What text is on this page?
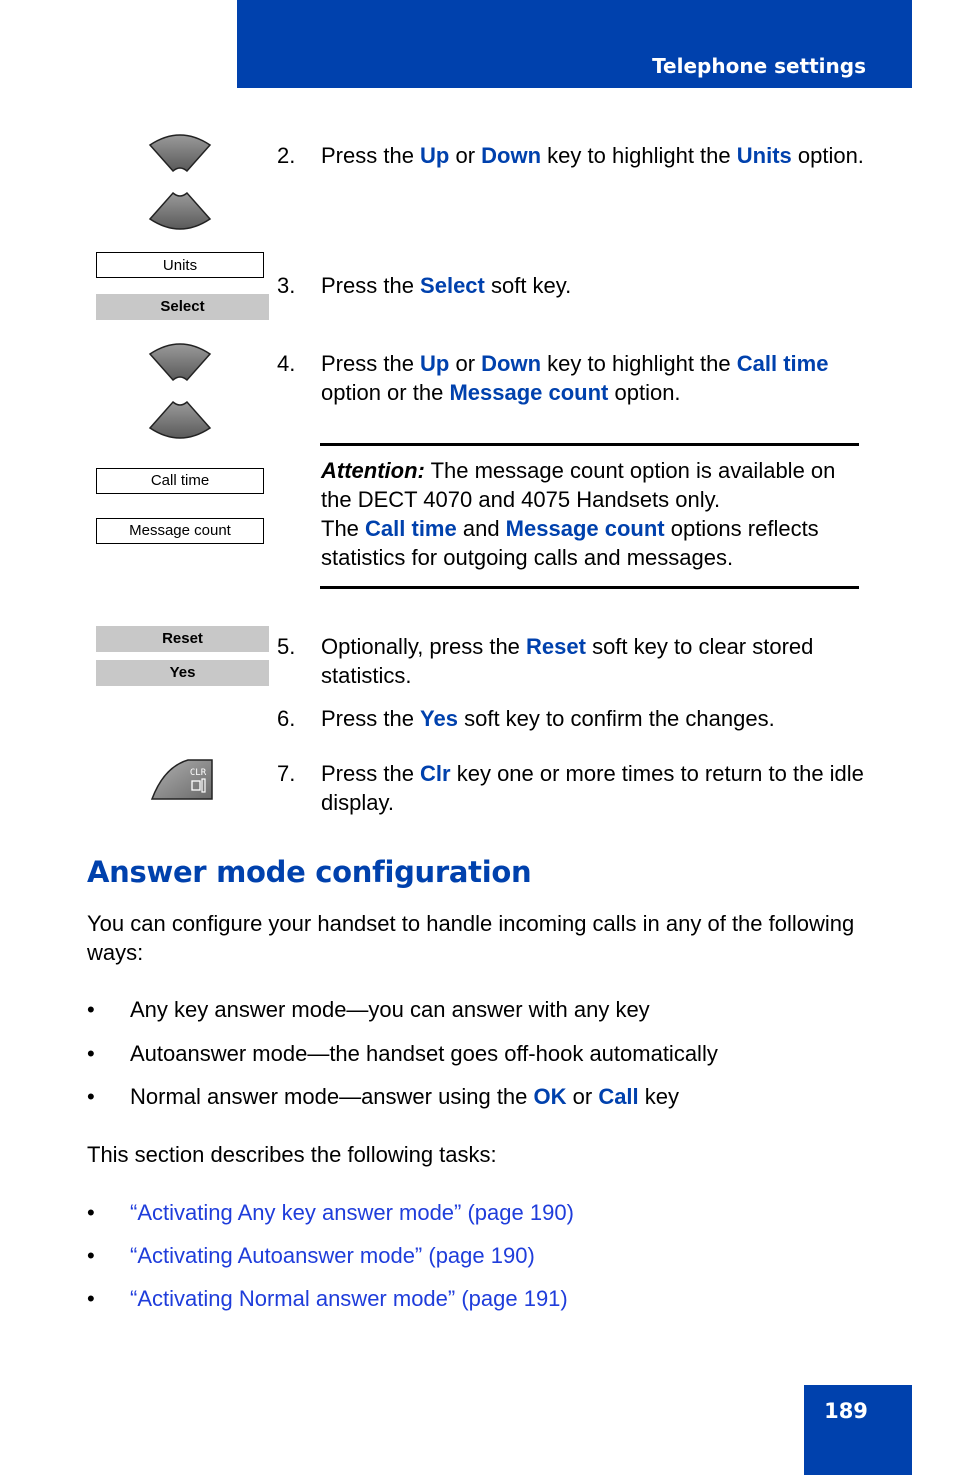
Telephone settings
Units
Select
Call time
Message count
Reset
Yes
CLR
2. Press the Up or Down key to highlight the Units option.
3. Press the Select soft key.
4. Press the Up or Down key to highlight the Call time option or the Message count option.
Attention: The message count option is available on the DECT 4070 and 4075 Handsets only.
The Call time and Message count options reflects statistics for outgoing calls and messages.
5. Optionally, press the Reset soft key to clear stored statistics.
6. Press the Yes soft key to confirm the changes.
7. Press the Clr key one or more times to return to the idle display.
Answer mode configuration
You can configure your handset to handle incoming calls in any of the following ways:
• Any key answer mode—you can answer with any key
• Autoanswer mode—the handset goes off-hook automatically
• Normal answer mode—answer using the OK or Call key
This section describes the following tasks:
• “Activating Any key answer mode” (page 190)
• “Activating Autoanswer mode” (page 190)
• “Activating Normal answer mode” (page 191)
189
